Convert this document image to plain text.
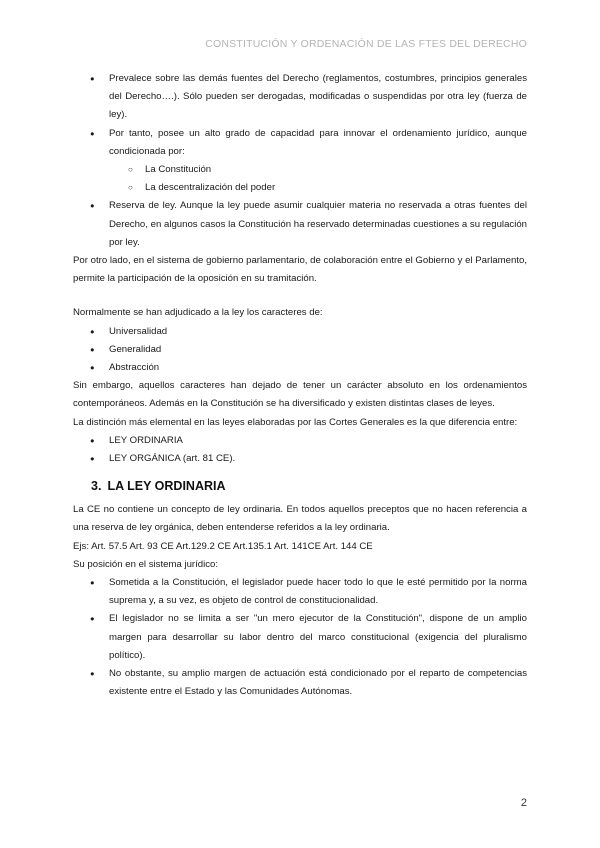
CONSTITUCIÓN Y ORDENACIÓN DE LAS FTES DEL DERECHO
● Prevalece sobre las demás fuentes del Derecho (reglamentos, costumbres, principios generales del Derecho….). Sólo pueden ser derogadas, modificadas o suspendidas por otra ley (fuerza de ley).
● Por tanto, posee un alto grado de capacidad para innovar el ordenamiento jurídico, aunque condicionada por:
○ La Constitución
○ La descentralización del poder
● Reserva de ley. Aunque la ley puede asumir cualquier materia no reservada a otras fuentes del Derecho, en algunos casos la Constitución ha reservado determinadas cuestiones a su regulación por ley.

Por otro lado, en el sistema de gobierno parlamentario, de colaboración entre el Gobierno y el Parlamento, permite la participación de la oposición en su tramitación.

Normalmente se han adjudicado a la ley los caracteres de:

● Universalidad
● Generalidad
● Abstracción

Sin embargo, aquellos caracteres han dejado de tener un carácter absoluto en los ordenamientos contemporáneos. Además en la Constitución se ha diversificado y existen distintas clases de leyes.

La distinción más elemental en las leyes elaboradas por las Cortes Generales es la que diferencia entre:

● LEY ORDINARIA
● LEY ORGÁNICA (art. 81 CE).
3. LA LEY ORDINARIA

La CE no contiene un concepto de ley ordinaria. En todos aquellos preceptos que no hacen referencia a una reserva de ley orgánica, deben entenderse referidos a la ley ordinaria.

Ejs: Art. 57.5 Art. 93 CE Art.129.2 CE Art.135.1 Art. 141CE Art. 144 CE

Su posición en el sistema jurídico:

● Sometida a la Constitución, el legislador puede hacer todo lo que le esté permitido por la norma suprema y, a su vez, es objeto de control de constitucionalidad.
● El legislador no se limita a ser "un mero ejecutor de la Constitución", dispone de un amplio margen para desarrollar su labor dentro del marco constitucional (exigencia del pluralismo político).
● No obstante, su amplio margen de actuación está condicionado por el reparto de competencias existente entre el Estado y las Comunidades Autónomas.
2
